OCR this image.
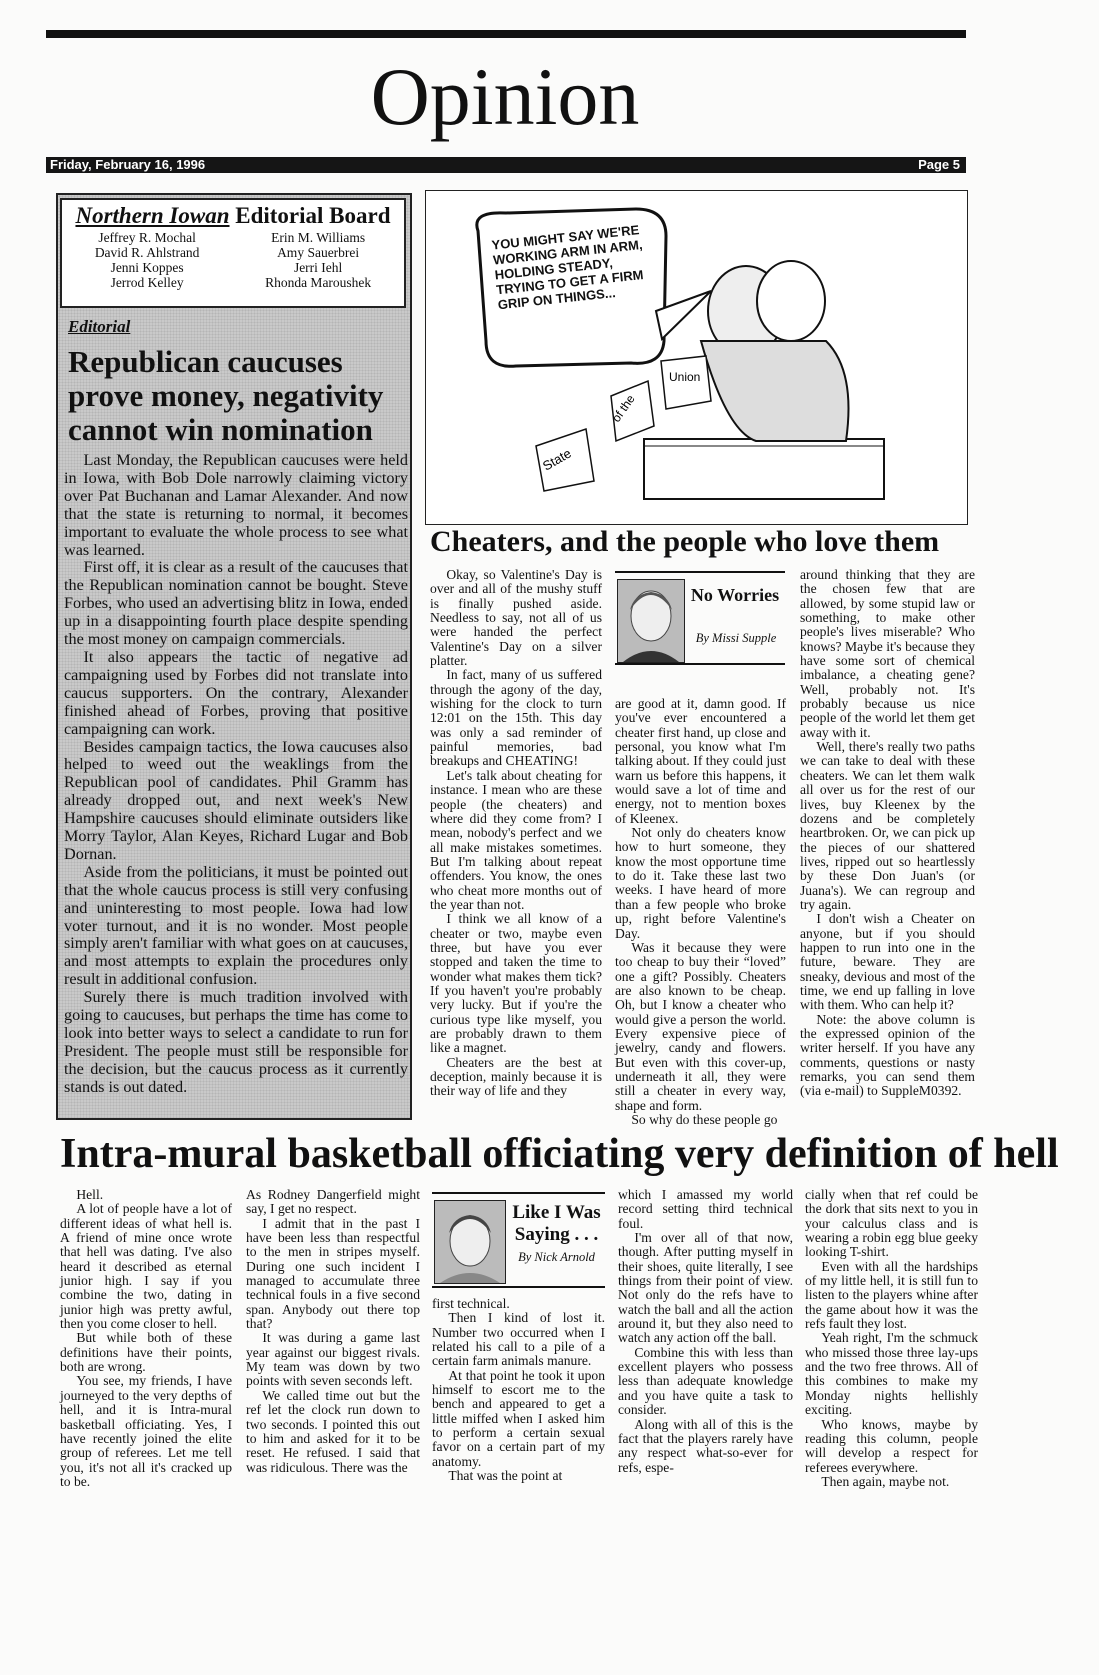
Opinion
Friday, February 16, 1996	Page 5
Northern Iowan Editorial Board
Jeffrey R. Mochal
David R. Ahlstrand
Jenni Koppes
Jerrod Kelley
Erin M. Williams
Amy Sauerbrei
Jerri Iehl
Rhonda Maroushek
Editorial
Republican caucuses prove money, negativity cannot win nomination

Last Monday, the Republican caucuses were held in Iowa, with Bob Dole narrowly claiming victory over Pat Buchanan and Lamar Alexander. And now that the state is returning to normal, it becomes important to evaluate the whole process to see what was learned.

First off, it is clear as a result of the caucuses that the Republican nomination cannot be bought. Steve Forbes, who used an advertising blitz in Iowa, ended up in a disappointing fourth place despite spending the most money on campaign commercials.

It also appears the tactic of negative ad campaigning used by Forbes did not translate into caucus supporters. On the contrary, Alexander finished ahead of Forbes, proving that positive campaigning can work.

Besides campaign tactics, the Iowa caucuses also helped to weed out the weaklings from the Republican pool of candidates. Phil Gramm has already dropped out, and next week's New Hampshire caucuses should eliminate outsiders like Morry Taylor, Alan Keyes, Richard Lugar and Bob Dornan.

Aside from the politicians, it must be pointed out that the whole caucus process is still very confusing and uninteresting to most people. Iowa had low voter turnout, and it is no wonder. Most people simply aren't familiar with what goes on at caucuses, and most attempts to explain the procedures only result in additional confusion.

Surely there is much tradition involved with going to caucuses, but perhaps the time has come to look into better ways to select a candidate to run for President. The people must still be responsible for the decision, but the caucus process as it currently stands is out dated.

State
of the
Union
YOU MIGHT SAY WE'RE WORKING ARM IN ARM, HOLDING STEADY, TRYING TO GET A FIRM GRIP ON THINGS...
Cheaters, and the people who love them

Okay, so Valentine's Day is over and all of the mushy stuff is finally pushed aside. Needless to say, not all of us were handed the perfect Valentine's Day on a silver platter.

In fact, many of us suffered through the agony of the day, wishing for the clock to turn 12:01 on the 15th. This day was only a sad reminder of painful memories, bad breakups and CHEATING!

Let's talk about cheating for instance. I mean who are these people (the cheaters) and where did they come from? I mean, nobody's perfect and we all make mistakes sometimes. But I'm talking about repeat offenders. You know, the ones who cheat more months out of the year than not.

I think we all know of a cheater or two, maybe even three, but have you ever stopped and taken the time to wonder what makes them tick? If you haven't you're probably very lucky. But if you're the curious type like myself, you are probably drawn to them like a magnet.

Cheaters are the best at deception, mainly because it is their way of life and they

No Worries
By Missi Supple

are good at it, damn good. If you've ever encountered a cheater first hand, up close and personal, you know what I'm talking about. If they could just warn us before this happens, it would save a lot of time and energy, not to mention boxes of Kleenex.

Not only do cheaters know how to hurt someone, they know the most opportune time to do it. Take these last two weeks. I have heard of more than a few people who broke up, right before Valentine's Day.

Was it because they were too cheap to buy their “loved” one a gift? Possibly. Cheaters are also known to be cheap. Oh, but I know a cheater who would give a person the world. Every expensive piece of jewelry, candy and flowers. But even with this cover-up, underneath it all, they were still a cheater in every way, shape and form.

So why do these people go

around thinking that they are the chosen few that are allowed, by some stupid law or something, to make other people's lives miserable? Who knows? Maybe it's because they have some sort of chemical imbalance, a cheating gene? Well, probably not. It's probably because us nice people of the world let them get away with it.

Well, there's really two paths we can take to deal with these cheaters. We can let them walk all over us for the rest of our lives, buy Kleenex by the dozens and be completely heartbroken. Or, we can pick up the pieces of our shattered lives, ripped out so heartlessly by these Don Juan's (or Juana's). We can regroup and try again.

I don't wish a Cheater on anyone, but if you should happen to run into one in the future, beware. They are sneaky, devious and most of the time, we end up falling in love with them. Who can help it?

Note: the above column is the expressed opinion of the writer herself. If you have any comments, questions or nasty remarks, you can send them (via e-mail) to SuppleM0392.

Intra-mural basketball officiating very definition of hell

Hell.

A lot of people have a lot of different ideas of what hell is. A friend of mine once wrote that hell was dating. I've also heard it described as eternal junior high. I say if you combine the two, dating in junior high was pretty awful, then you come closer to hell.

But while both of these definitions have their points, both are wrong.

You see, my friends, I have journeyed to the very depths of hell, and it is Intra-mural basketball officiating. Yes, I have recently joined the elite group of referees. Let me tell you, it's not all it's cracked up to be.

As Rodney Dangerfield might say, I get no respect.

I admit that in the past I have been less than respectful to the men in stripes myself. During one such incident I managed to accumulate three technical fouls in a five second span. Anybody out there top that?

It was during a game last year against our biggest rivals. My team was down by two points with seven seconds left.

We called time out but the ref let the clock run down to two seconds. I pointed this out to him and asked for it to be reset. He refused. I said that was ridiculous. There was the

Like I Was Saying . . .
By Nick Arnold

first technical.

Then I kind of lost it. Number two occurred when I related his call to a pile of a certain farm animals manure.

At that point he took it upon himself to escort me to the bench and appeared to get a little miffed when I asked him to perform a certain sexual favor on a certain part of my anatomy.

That was the point at

which I amassed my world record setting third technical foul.

I'm over all of that now, though. After putting myself in their shoes, quite literally, I see things from their point of view. Not only do the refs have to watch the ball and all the action around it, but they also need to watch any action off the ball.

Combine this with less than excellent players who possess less than adequate knowledge and you have quite a task to consider.

Along with all of this is the fact that the players rarely have any respect what-so-ever for refs, espe-

cially when that ref could be the dork that sits next to you in your calculus class and is wearing a robin egg blue geeky looking T-shirt.

Even with all the hardships of my little hell, it is still fun to listen to the players whine after the game about how it was the refs fault they lost.

Yeah right, I'm the schmuck who missed those three lay-ups and the two free throws. All of this combines to make my Monday nights hellishly exciting.

Who knows, maybe by reading this column, people will develop a respect for referees everywhere.

Then again, maybe not.
